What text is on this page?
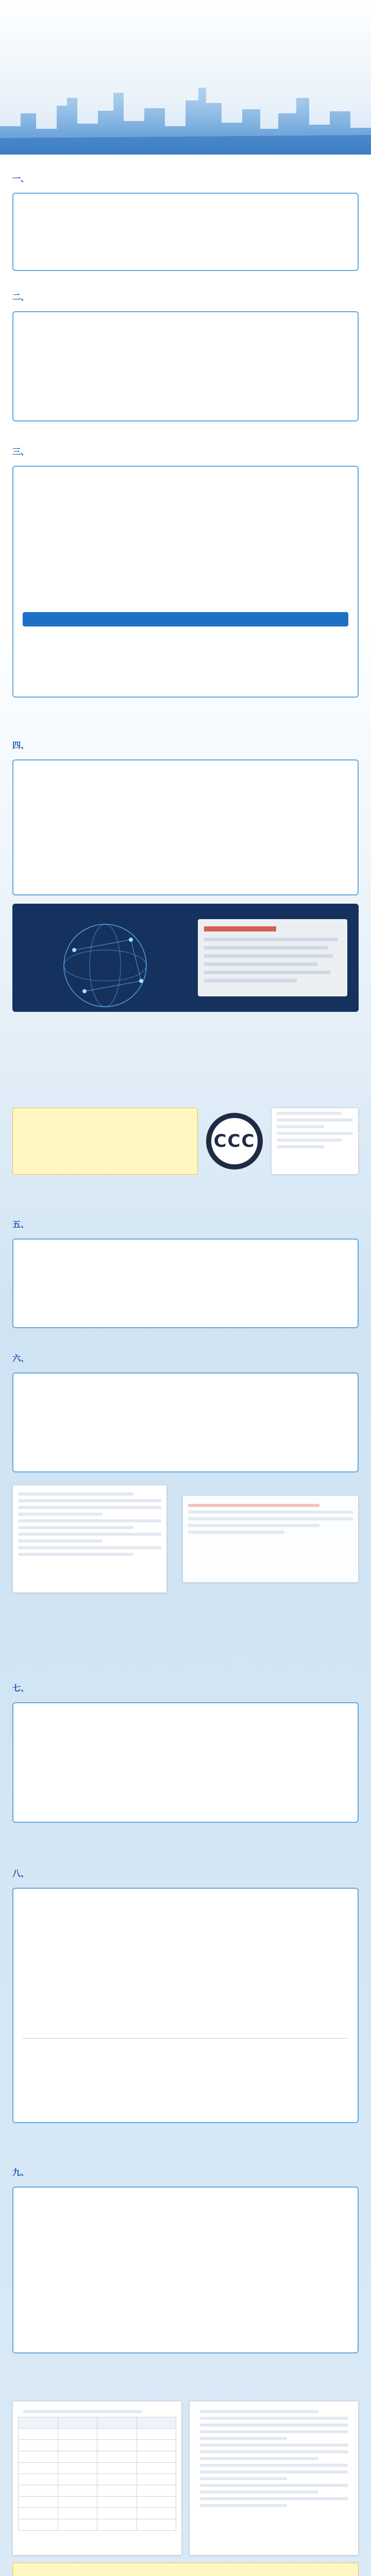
一、
二、
三、
四、
CCC
五、
六、
七、
八、
九、
